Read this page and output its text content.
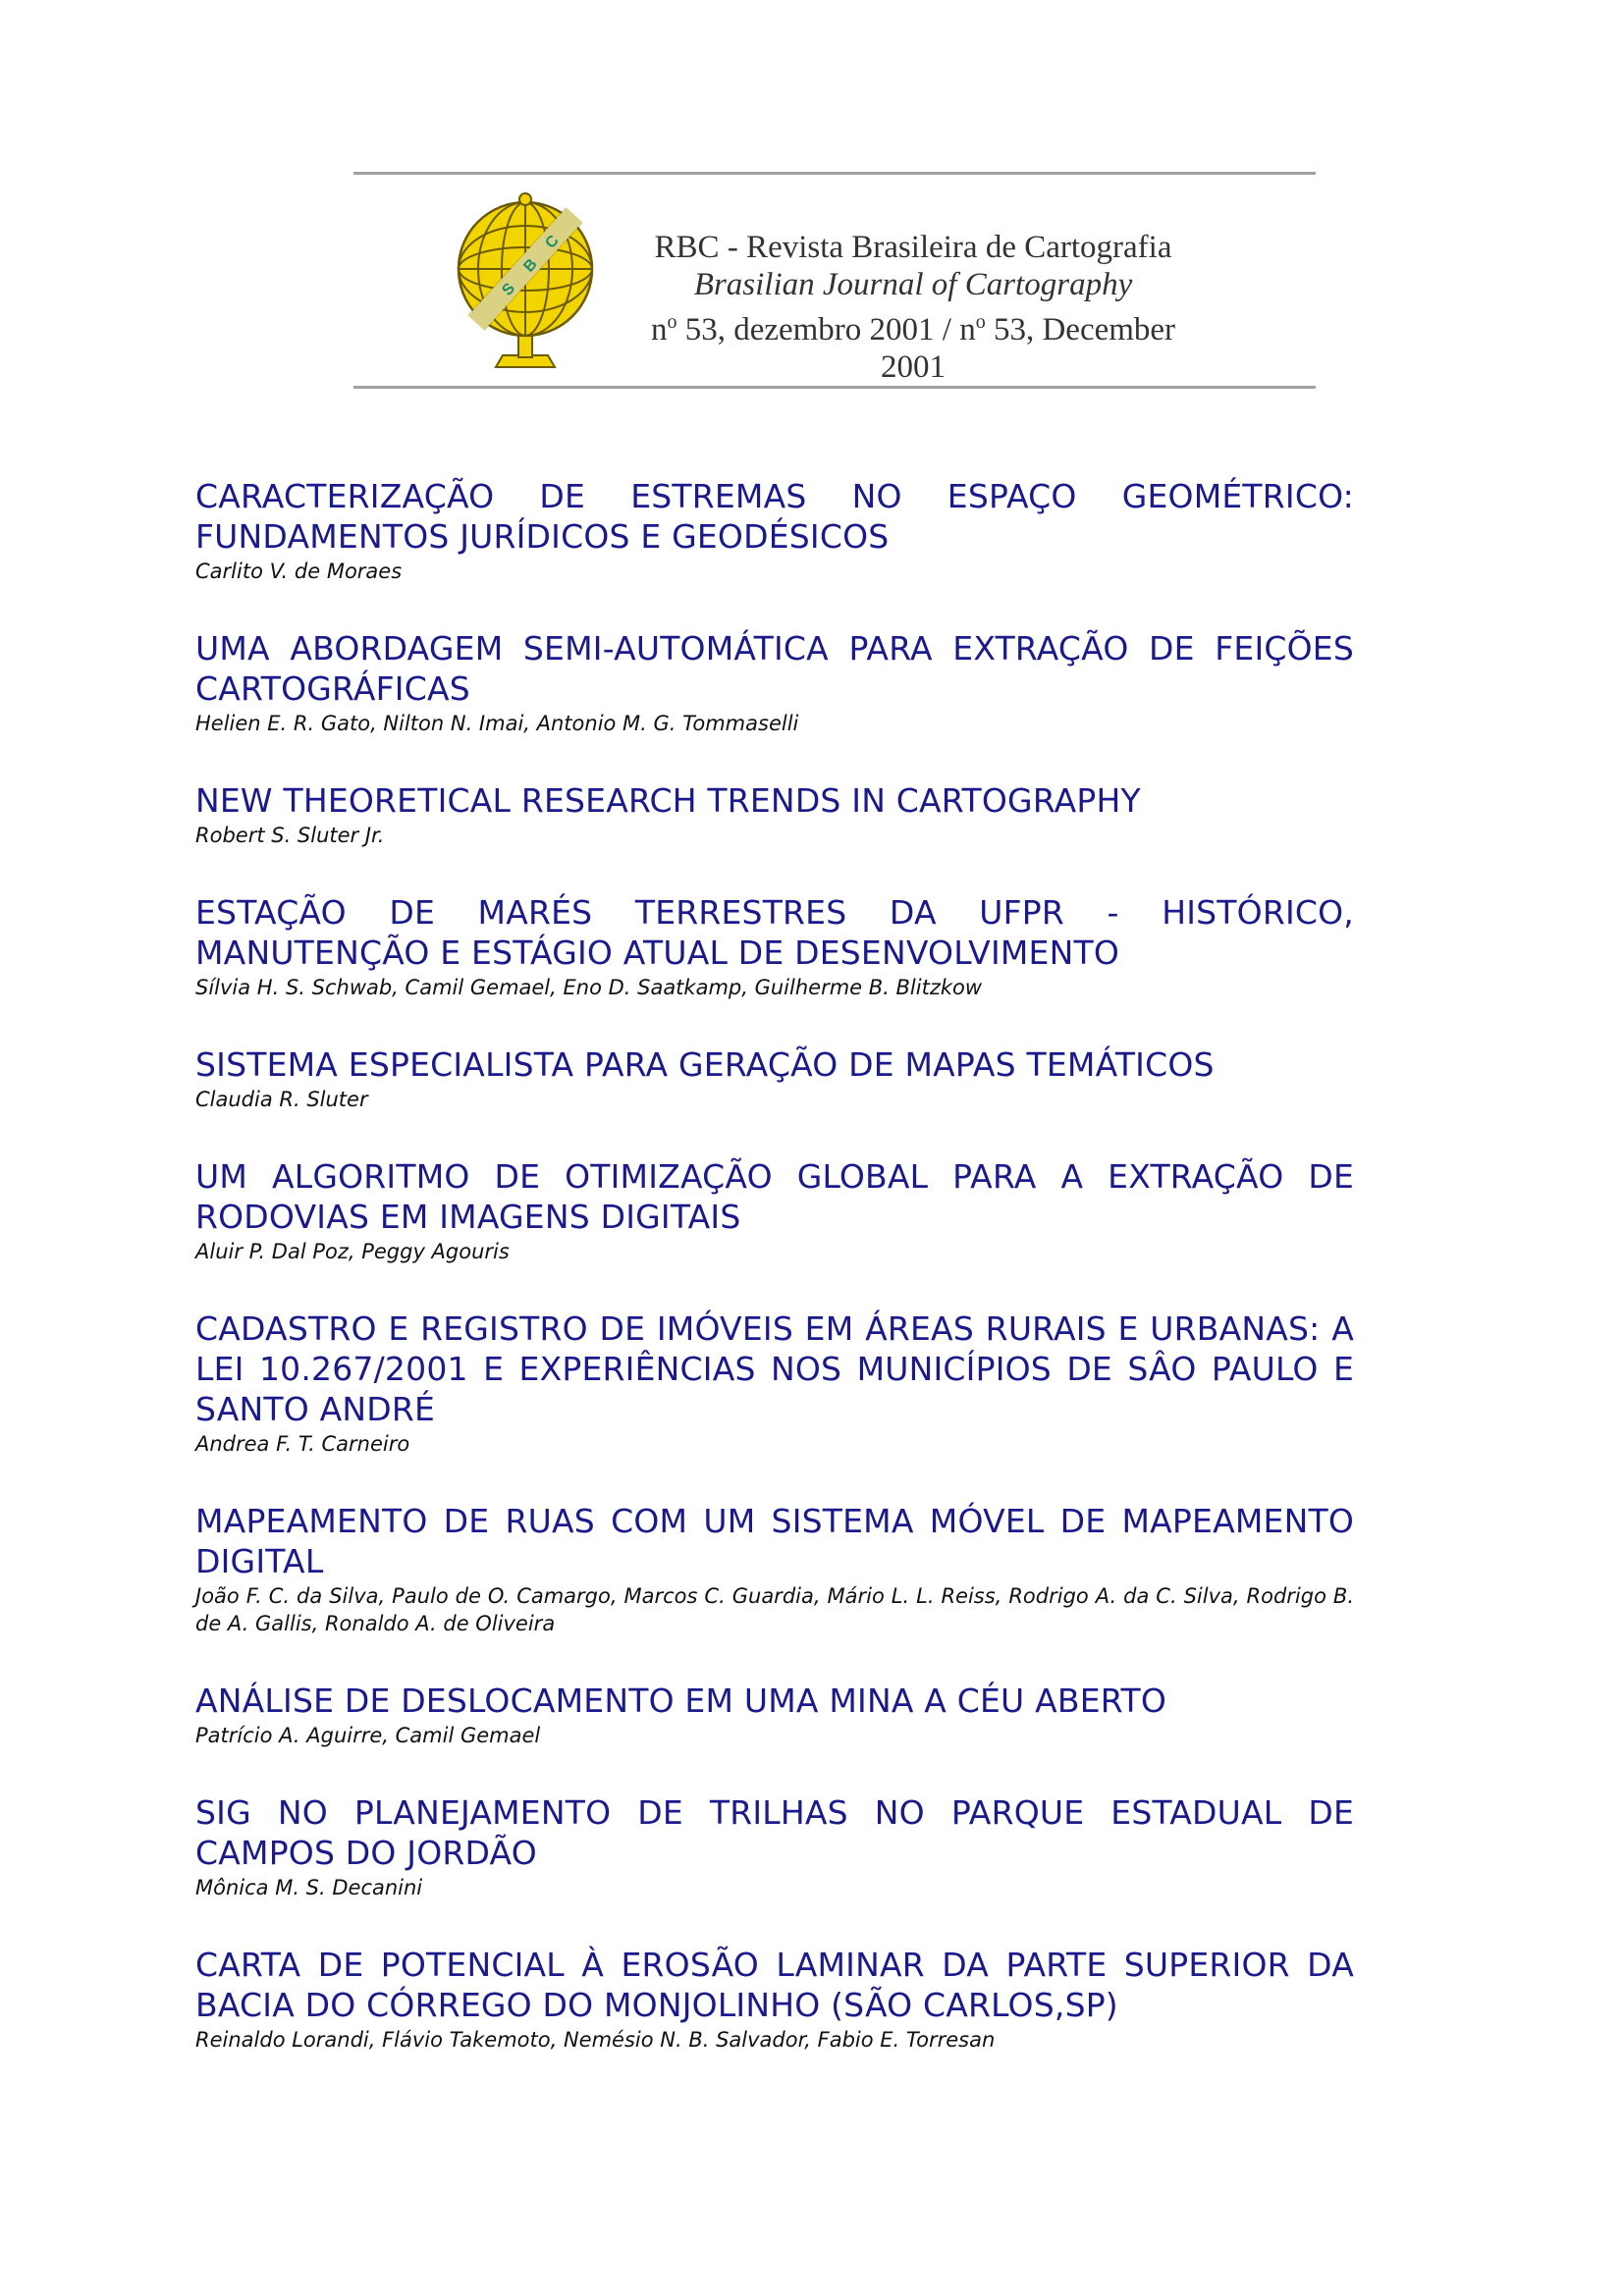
S
B
C	RBC - Revista Brasileira de Cartografia
Brasilian Journal of Cartography
$n^o$ 53, dezembro $2001 / n^o$ 53, December 2001
CARACTERIZAÇÃO DE ESTREMAS NO ESPAÇO GEOMÉTRICO: FUNDAMENTOS JURÍDICOS E GEODÉSICOS
Carlito V. de Moraes
UMA ABORDAGEM SEMI-AUTOMÁTICA PARA EXTRAÇÃO DE FEIÇÕES CARTOGRÁFICAS
Helien E. R. Gato, Nilton N. Imai, Antonio M. G. Tommaselli
NEW THEORETICAL RESEARCH TRENDS IN CARTOGRAPHY
Robert S. Sluter Jr.
ESTAÇÃO DE MARÉS TERRESTRES DA UFPR - HISTÓRICO, MANUTENÇÃO E ESTÁGIO ATUAL DE DESENVOLVIMENTO
Sílvia H. S. Schwab, Camil Gemael, Eno D. Saatkamp, Guilherme B. Blitzkow
SISTEMA ESPECIALISTA PARA GERAÇÃO DE MAPAS TEMÁTICOS
Claudia R. Sluter
UM ALGORITMO DE OTIMIZAÇÃO GLOBAL PARA A EXTRAÇÃO DE RODOVIAS EM IMAGENS DIGITAIS
Aluir P. Dal Poz, Peggy Agouris
CADASTRO E REGISTRO DE IMÓVEIS EM ÁREAS RURAIS E URBANAS: A LEI 10.267/2001 E EXPERIÊNCIAS NOS MUNICÍPIOS DE SÂO PAULO E SANTO ANDRÉ
Andrea F. T. Carneiro
MAPEAMENTO DE RUAS COM UM SISTEMA MÓVEL DE MAPEAMENTO DIGITAL
João F. C. da Silva, Paulo de O. Camargo, Marcos C. Guardia, Mário L. L. Reiss, Rodrigo A. da C. Silva, Rodrigo B. de A. Gallis, Ronaldo A. de Oliveira
ANÁLISE DE DESLOCAMENTO EM UMA MINA A CÉU ABERTO
Patrício A. Aguirre, Camil Gemael
SIG NO PLANEJAMENTO DE TRILHAS NO PARQUE ESTADUAL DE CAMPOS DO JORDÃO
Mônica M. S. Decanini
CARTA DE POTENCIAL À EROSÃO LAMINAR DA PARTE SUPERIOR DA BACIA DO CÓRREGO DO MONJOLINHO (SÃO CARLOS,SP)
Reinaldo Lorandi, Flávio Takemoto, Nemésio N. B. Salvador, Fabio E. Torresan
